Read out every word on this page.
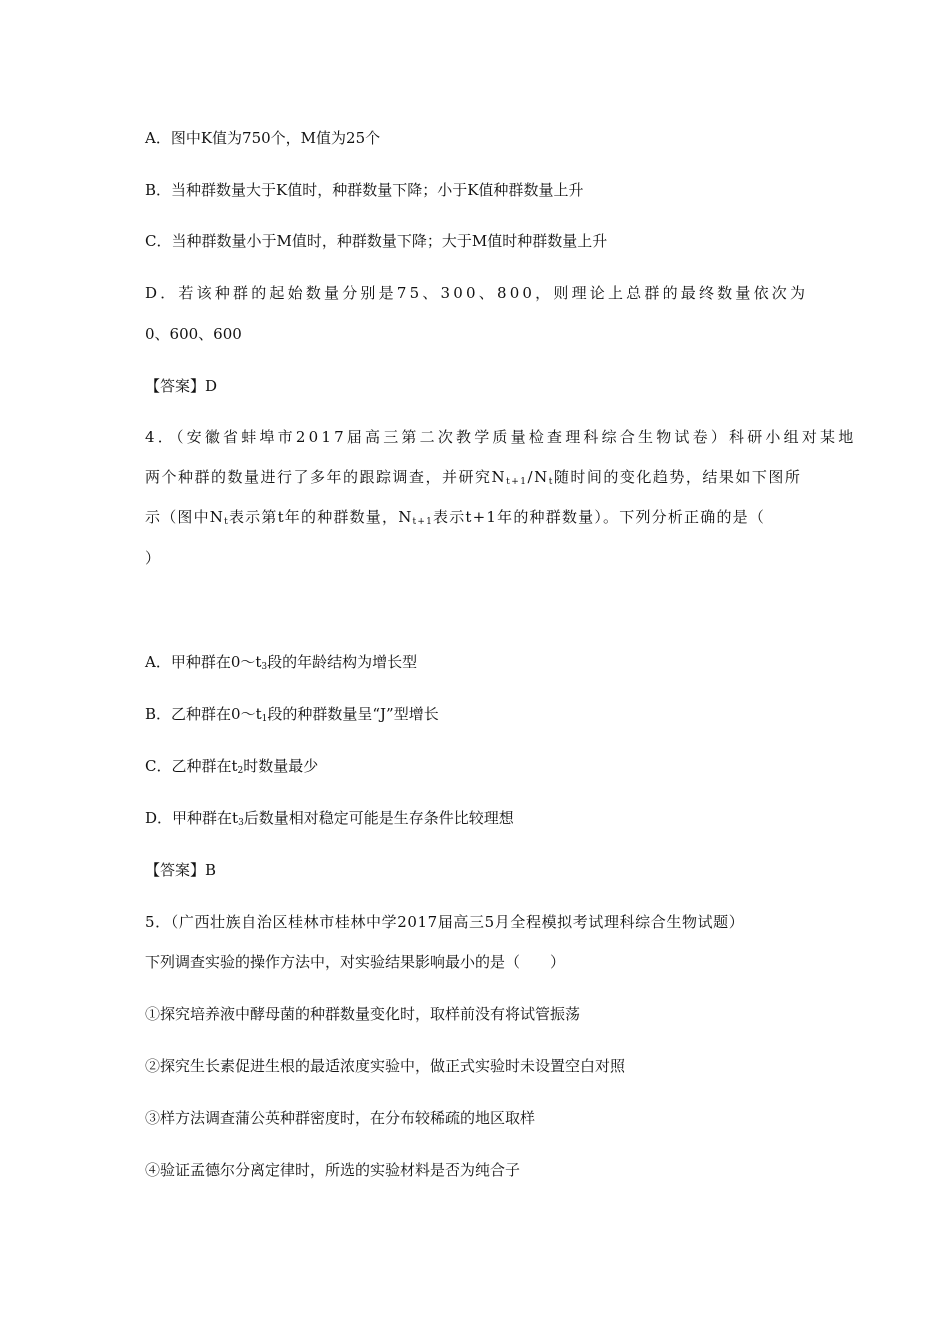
A．图中K值为750个，M值为25个
B．当种群数量大于K值时，种群数量下降；小于K值种群数量上升
C．当种群数量小于M值时，种群数量下降；大于M值时种群数量上升
D．若该种群的起始数量分别是75、300、800，则理论上总群的最终数量依次为
0、600、600
【答案】D
4．（安徽省蚌埠市2017届高三第二次教学质量检查理科综合生物试卷）科研小组对某地
两个种群的数量进行了多年的跟踪调查，并研究$N_{t+1}/N_t$随时间的变化趋势，结果如下图所
示（图中$N_t$表示第t年的种群数量，$N_{t+1}$表示t+1年的种群数量）。下列分析正确的是（
）
A．甲种群在$0\sim t_3$段的年龄结构为增长型
B．乙种群在$0\sim t_1$段的种群数量呈“J”型增长
C．乙种群在$t_2$时数量最少
D．甲种群在$t_3$后数量相对稳定可能是生存条件比较理想
【答案】B
5．（广西壮族自治区桂林市桂林中学2017届高三5月全程模拟考试理科综合生物试题）
下列调查实验的操作方法中，对实验结果影响最小的是（　　）
①探究培养液中酵母菌的种群数量变化时，取样前没有将试管振荡
②探究生长素促进生根的最适浓度实验中，做正式实验时未设置空白对照
③样方法调查蒲公英种群密度时，在分布较稀疏的地区取样
④验证孟德尔分离定律时，所选的实验材料是否为纯合子
